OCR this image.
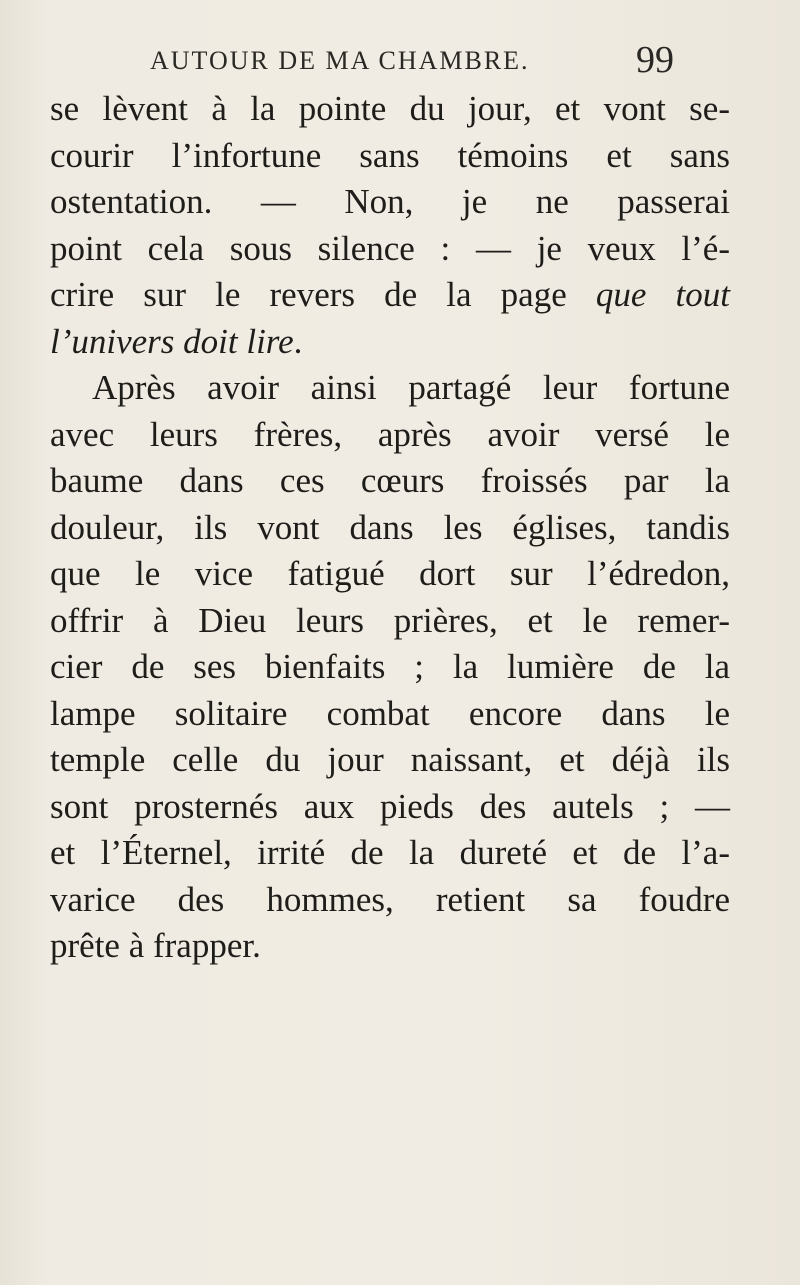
AUTOUR DE MA CHAMBRE.	99
se lèvent à la pointe du jour, et vont se-
courir l’infortune sans témoins et sans
ostentation. — Non, je ne passerai
point cela sous silence : — je veux l’é-
crire sur le revers de la page que tout
l’univers doit lire.
Après avoir ainsi partagé leur fortune
avec leurs frères, après avoir versé le
baume dans ces cœurs froissés par la
douleur, ils vont dans les églises, tandis
que le vice fatigué dort sur l’édredon,
offrir à Dieu leurs prières, et le remer-
cier de ses bienfaits ; la lumière de la
lampe solitaire combat encore dans le
temple celle du jour naissant, et déjà ils
sont prosternés aux pieds des autels ; —
et l’Éternel, irrité de la dureté et de l’a-
varice des hommes, retient sa foudre
prête à frapper.
